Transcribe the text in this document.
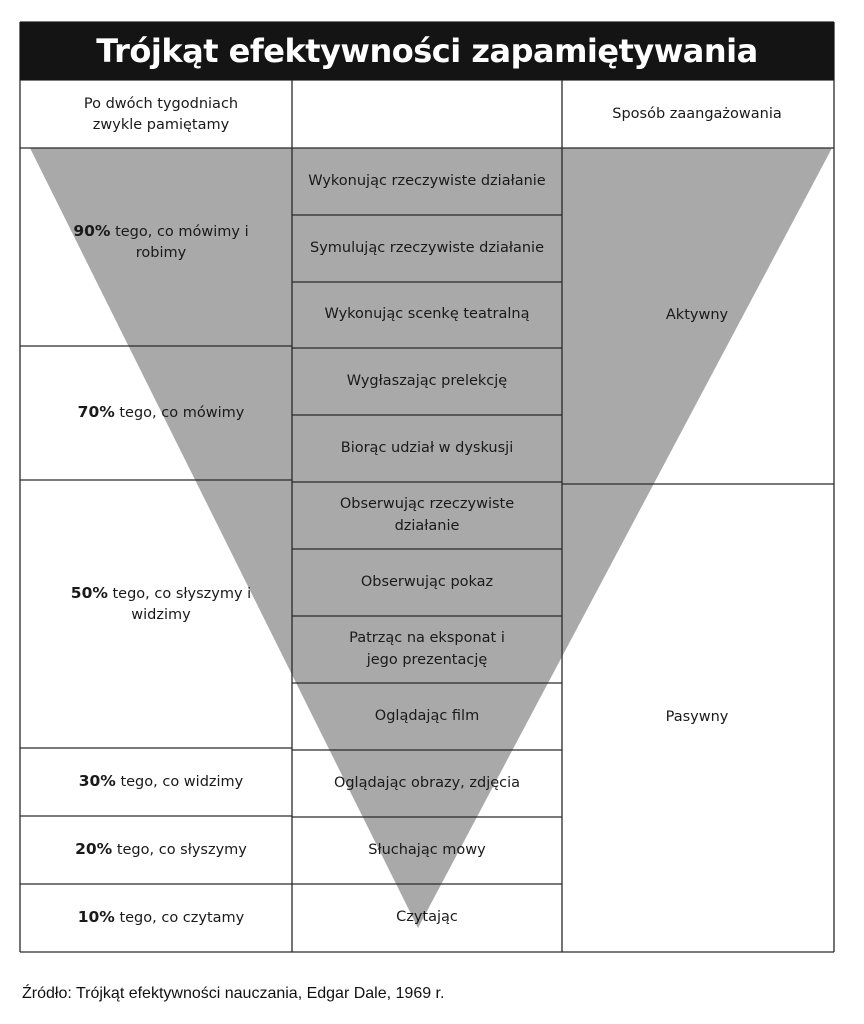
Trójkąt efektywności zapamiętywania
Po dwóch tygodniach zwykle pamiętamy
Sposób zaangażowania
90% tego, co mówimy i robimy
70% tego, co mówimy
50% tego, co słyszymy i widzimy
30% tego, co widzimy
20% tego, co słyszymy
10% tego, co czytamy
Wykonując rzeczywiste działanie
Symulując rzeczywiste działanie
Wykonując scenkę teatralną
Wygłaszając prelekcję
Biorąc udział w dyskusji
Obserwując rzeczywiste działanie
Obserwując pokaz
Patrząc na eksponat i jego prezentację
Oglądając film
Oglądając obrazy, zdjęcia
Słuchając mowy
Czytając
Aktywny
Pasywny
Źródło: Trójkąt efektywności nauczania, Edgar Dale, 1969 r.
